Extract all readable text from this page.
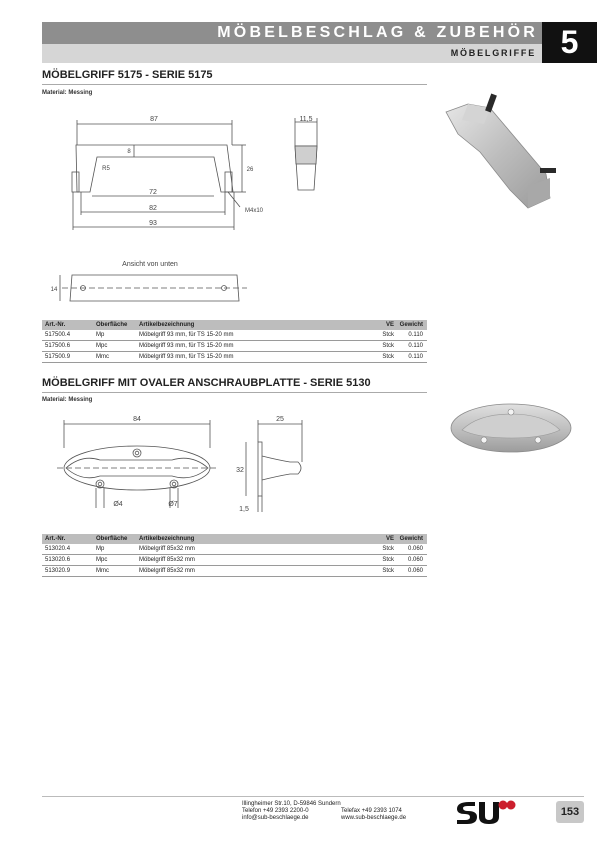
MÖBELBESCHLAG & ZUBEHÖR
MÖBELGRIFFE 5
MÖBELGRIFF 5175 - SERIE 5175
Material: Messing
87
8
R5
72
82
93
26
M4x10
Ansicht von unten
14
11,5
Art.-Nr.	Oberfläche	Artikelbezeichnung	VE	Gewicht
517500.4	Mp	Möbelgriff 93 mm, für TS 15-20 mm	Stck	0.110
517500.6	Mpc	Möbelgriff 93 mm, für TS 15-20 mm	Stck	0.110
517500.9	Mmc	Möbelgriff 93 mm, für TS 15-20 mm	Stck	0.110
MÖBELGRIFF MIT OVALER ANSCHRAUBPLATTE - SERIE 5130
Material: Messing
84
Ø4	Ø7
25
32
1,5
Art.-Nr.	Oberfläche	Artikelbezeichnung	VE	Gewicht
513020.4	Mp	Möbelgriff 85x32 mm	Stck	0.060
513020.6	Mpc	Möbelgriff 85x32 mm	Stck	0.060
513020.9	Mmc	Möbelgriff 85x32 mm	Stck	0.060
Illingheimer Str.10, D-59846 Sundern
Telefon +49 2393 2200-0	Telefax +49 2393 1074
info@sub-beschlaege.de	www.sub-beschlaege.de	153
